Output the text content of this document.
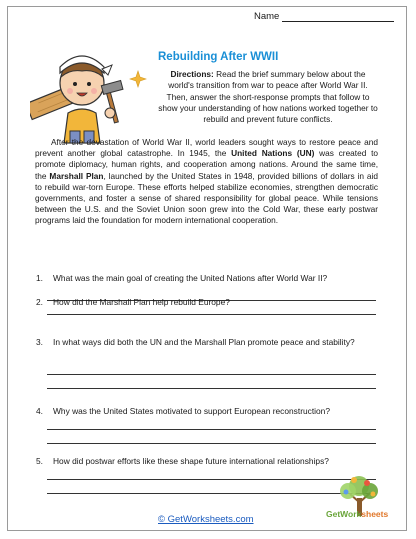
Name
Rebuilding After WWII
Directions: Read the brief summary below about the world's transition from war to peace after World War II. Then, answer the short-response prompts that follow to show your understanding of how nations worked together to rebuild and prevent future conflicts.
After the devastation of World War II, world leaders sought ways to restore peace and prevent another global catastrophe. In 1945, the United Nations (UN) was created to promote diplomacy, human rights, and cooperation among nations. Around the same time, the Marshall Plan, launched by the United States in 1948, provided billions of dollars in aid to rebuild war-torn Europe. These efforts helped stabilize economies, strengthen democratic governments, and foster a sense of shared responsibility for global peace. While tensions between the U.S. and the Soviet Union soon grew into the Cold War, these early postwar programs laid the foundation for modern international cooperation.
1.	What was the main goal of creating the United Nations after World War II?
2.	How did the Marshall Plan help rebuild Europe?
3.	In what ways did both the UN and the Marshall Plan promote peace and stability?
4.	Why was the United States motivated to support European reconstruction?
5.	How did postwar efforts like these shape future international relationships?
© GetWorksheets.com	GetWorksheets
